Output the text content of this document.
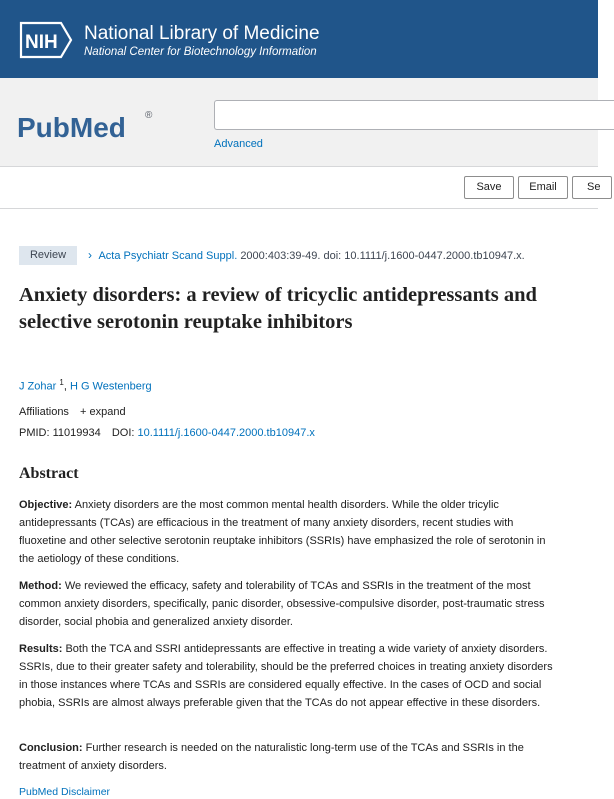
NIH National Library of Medicine
National Center for Biotechnology Information
PubMed ®
Advanced
Save	Email	Se
Review	› Acta Psychiatr Scand Suppl. 2000:403:39-49. doi: 10.1111/j.1600-0447.2000.tb10947.x.
Anxiety disorders: a review of tricyclic antidepressants and selective serotonin reuptake inhibitors
J Zohar $^1$, H G Westenberg
Affiliations + expand
PMID: 11019934 DOI: 10.1111/j.1600-0447.2000.tb10947.x
Abstract

Objective: Anxiety disorders are the most common mental health disorders. While the older tricylic antidepressants (TCAs) are efficacious in the treatment of many anxiety disorders, recent studies with fluoxetine and other selective serotonin reuptake inhibitors (SSRIs) have emphasized the role of serotonin in the aetiology of these conditions.

Method: We reviewed the efficacy, safety and tolerability of TCAs and SSRIs in the treatment of the most common anxiety disorders, specifically, panic disorder, obsessive-compulsive disorder, post-traumatic stress disorder, social phobia and generalized anxiety disorder.

Results: Both the TCA and SSRI antidepressants are effective in treating a wide variety of anxiety disorders. SSRIs, due to their greater safety and tolerability, should be the preferred choices in treating anxiety disorders in those instances where TCAs and SSRIs are considered equally effective. In the cases of OCD and social phobia, SSRIs are almost always preferable given that the TCAs do not appear effective in these disorders.

Conclusion: Further research is needed on the naturalistic long-term use of the TCAs and SSRIs in the treatment of anxiety disorders.

PubMed Disclaimer
